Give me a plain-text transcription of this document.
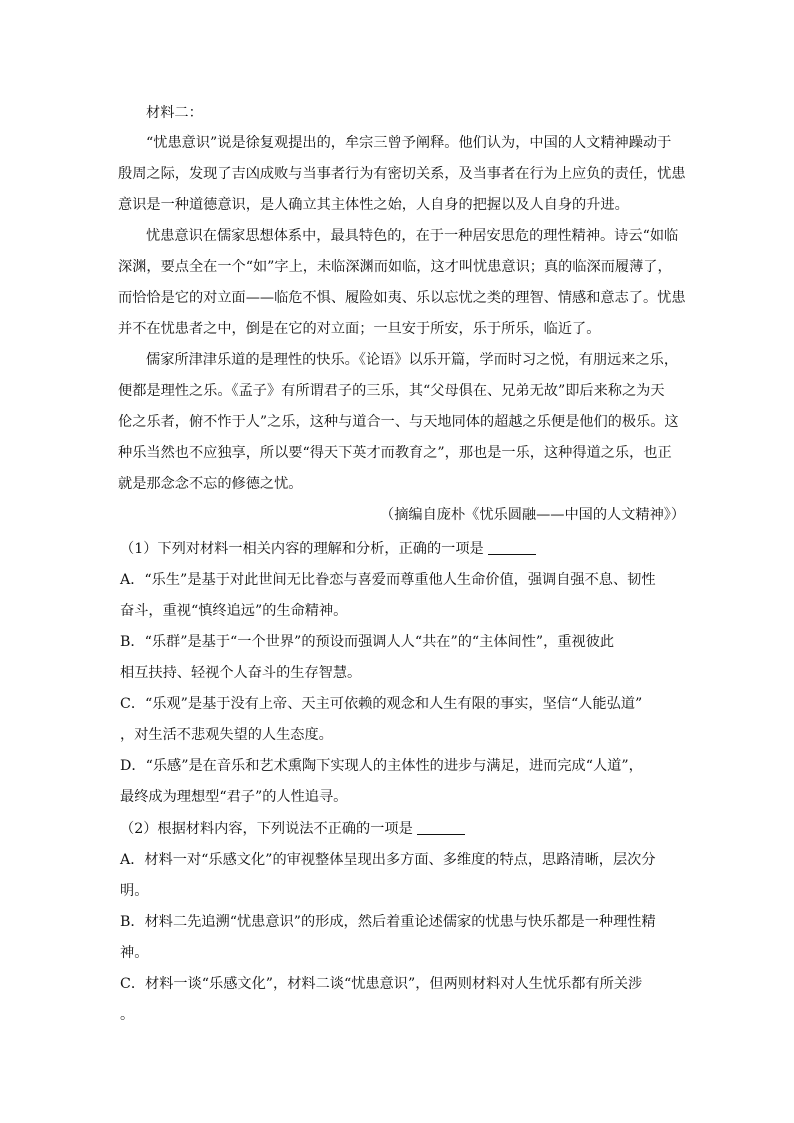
材料二：
“忧患意识”说是徐复观提出的，牟宗三曾予阐释。他们认为，中国的人文精神躁动于
殷周之际，发现了吉凶成败与当事者行为有密切关系，及当事者在行为上应负的责任，忧患
意识是一种道德意识，是人确立其主体性之始，人自身的把握以及人自身的升进。
忧患意识在儒家思想体系中，最具特色的，在于一种居安思危的理性精神。诗云“如临
深渊，要点全在一个“如”字上，未临深渊而如临，这才叫忧患意识；真的临深而履薄了，
而恰恰是它的对立面——临危不惧、履险如夷、乐以忘忧之类的理智、情感和意志了。忧患
并不在忧患者之中，倒是在它的对立面；一旦安于所安，乐于所乐，临近了。
儒家所津津乐道的是理性的快乐。《论语》以乐开篇，学而时习之悦，有朋远来之乐，
便都是理性之乐。《孟子》有所谓君子的三乐，其“父母俱在、兄弟无故”即后来称之为天
伦之乐者，俯不怍于人”之乐，这种与道合一、与天地同体的超越之乐便是他们的极乐。这
种乐当然也不应独享，所以要“得天下英才而教育之”，那也是一乐，这种得道之乐，也正
就是那念念不忘的修德之忧。
（摘编自庞朴《忧乐圆融——中国的人文精神》）
（1）下列对材料一相关内容的理解和分析，正确的一项是
A．“乐生”是基于对此世间无比眷恋与喜爱而尊重他人生命价值，强调自强不息、韧性
奋斗，重视“慎终追远”的生命精神。
B．“乐群”是基于“一个世界”的预设而强调人人“共在”的“主体间性”，重视彼此
相互扶持、轻视个人奋斗的生存智慧。
C．“乐观”是基于没有上帝、天主可依赖的观念和人生有限的事实，坚信“人能弘道”
，对生活不悲观失望的人生态度。
D．“乐感”是在音乐和艺术熏陶下实现人的主体性的进步与满足，进而完成“人道”，
最终成为理想型“君子”的人性追寻。
（2）根据材料内容，下列说法不正确的一项是
A．材料一对“乐感文化”的审视整体呈现出多方面、多维度的特点，思路清晰，层次分
明。
B．材料二先追溯“忧患意识”的形成，然后着重论述儒家的忧患与快乐都是一种理性精
神。
C．材料一谈“乐感文化”，材料二谈“忧患意识”，但两则材料对人生忧乐都有所关涉
。
